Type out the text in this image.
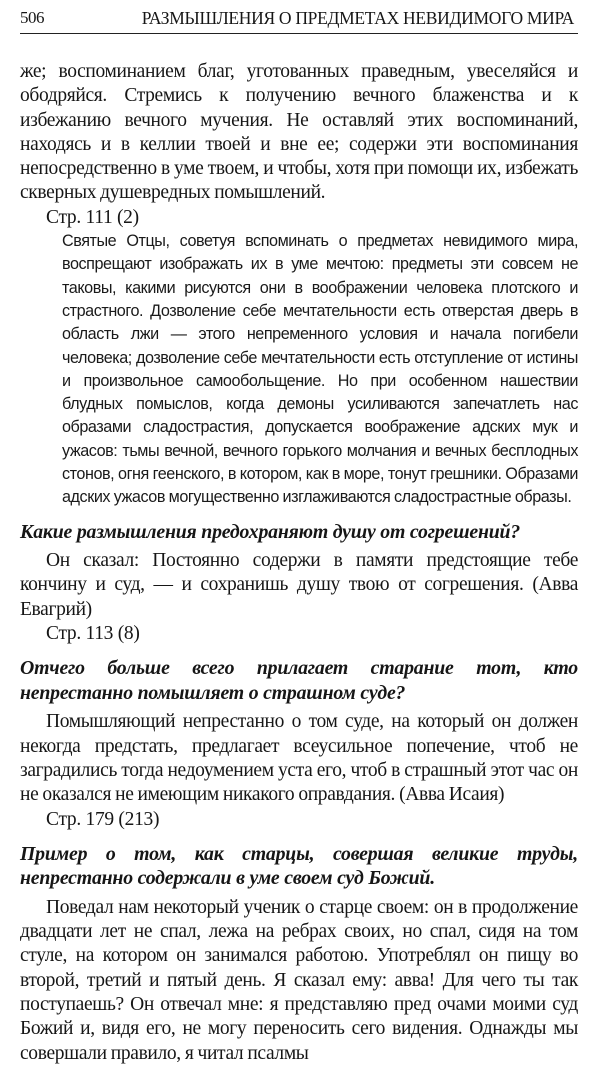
506	РАЗМЫШЛЕНИЯ О ПРЕДМЕТАХ НЕВИДИМОГО МИРА

же; воспоминанием благ, уготованных праведным, увеселяйся и ободряйся. Стремись к получению вечного блаженства и к избежанию вечного мучения. Не оставляй этих воспоминаний, находясь и в келлии твоей и вне ее; содержи эти воспоминания непосредственно в уме твоем, и чтобы, хотя при помощи их, избежать скверных душевредных помышлений.

Стр. 111 (2)

Святые Отцы, советуя вспоминать о предметах невидимого мира, воспрещают изображать их в уме мечтою: предметы эти совсем не таковы, какими рисуются они в воображении человека плотского и страстного. Дозволение себе мечтательности есть отверстая дверь в область лжи — этого непременного условия и начала погибели человека; дозволение себе мечтательности есть отступление от истины и произвольное самообольщение. Но при особенном нашествии блудных помыслов, когда демоны усиливаются запечатлеть нас образами сладострастия, допускается воображение адских мук и ужасов: тьмы вечной, вечного горького молчания и вечных бесплодных стонов, огня геенского, в котором, как в море, тонут грешники. Образами адских ужасов могущественно изглаживаются сладострастные образы.

Какие размышления предохраняют душу от согрешений?

Он сказал: Постоянно содержи в памяти предстоящие тебе кончину и суд, — и сохранишь душу твою от согрешения. (Авва Евагрий)

Стр. 113 (8)

Отчего больше всего прилагает старание тот, кто непрестанно помышляет о страшном суде?

Помышляющий непрестанно о том суде, на который он должен некогда предстать, предлагает всеусильное попечение, чтоб не заградились тогда недоумением уста его, чтоб в страшный этот час он не оказался не имеющим никакого оправдания. (Авва Исаия)

Стр. 179 (213)

Пример о том, как старцы, совершая великие труды, непрестанно содержали в уме своем суд Божий.

Поведал нам некоторый ученик о старце своем: он в продолжение двадцати лет не спал, лежа на ребрах своих, но спал, сидя на том стуле, на котором он занимался работою. Употреблял он пищу во второй, третий и пятый день. Я сказал ему: авва! Для чего ты так поступаешь? Он отвечал мне: я представляю пред очами моими суд Божий и, видя его, не могу переносить сего видения. Однажды мы совершали правило, я читал псалмы
